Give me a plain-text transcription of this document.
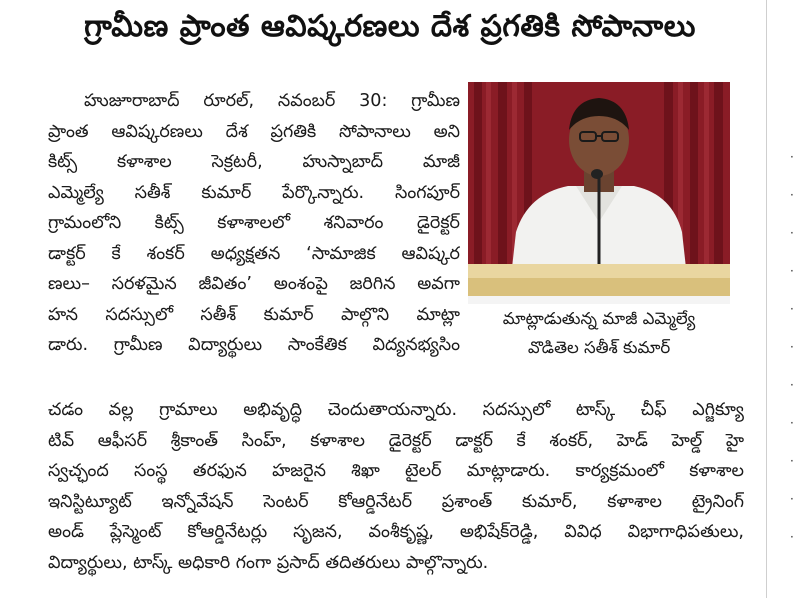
గ్రామీణ ప్రాంత ఆవిష్కరణలు దేశ ప్రగతికి సోపానాలు
హుజూరాబాద్‌ రూరల్‌, నవంబర్‌ 30: గ్రామీణ
ప్రాంత ఆవిష్కరణలు దేశ ప్రగతికి సోపానాలు అని
కిట్స్‌ కళాశాల సెక్రటరీ, హుస్నాబాద్‌ మాజీ
ఎమ్మెల్యే సతీశ్‌ కుమార్‌ పేర్కొన్నారు. సింగపూర్‌
గ్రామంలోని కిట్స్‌ కళాశాలలో శనివారం డైరెక్టర్‌
డాక్టర్‌ కే శంకర్‌ అధ్యక్షతన ‘సామాజిక ఆవిష్కర
ణలు– సరళమైన జీవితం’ అంశంపై జరిగిన అవగా
హన సదస్సులో సతీశ్‌ కుమార్‌ పాల్గొని మాట్లా
డారు. గ్రామీణ విద్యార్థులు సాంకేతిక విద్యనభ్యసిం
మాట్లాడుతున్న మాజీ ఎమ్మెల్యే
వొడితెల సతీశ్‌ కుమార్‌
చడం వల్ల గ్రామాలు అభివృద్ధి చెందుతాయన్నారు. సదస్సులో టాస్క్‌ చీఫ్‌ ఎగ్జిక్యూ
టివ్‌ ఆఫీసర్‌ శ్రీకాంత్‌ సింహ్‌, కళాశాల డైరెక్టర్‌ డాక్టర్‌ కే శంకర్‌, హెడ్‌ హెల్డ్‌ హై
స్వచ్ఛంద సంస్థ తరఫున హజరైన శిఖా టైలర్‌ మాట్లాడారు. కార్యక్రమంలో కళాశాల
ఇనిస్టిట్యూట్‌ ఇన్నోవేషన్‌ సెంటర్‌ కోఆర్డినేటర్‌ ప్రశాంత్‌ కుమార్‌, కళాశాల ట్రైనింగ్‌
అండ్‌ ప్లేస్మెంట్‌ కోఆర్డినేటర్లు సృజన, వంశీకృష్ణ, అభిషేక్‌రెడ్డి, వివిధ విభాగాధిపతులు,
విద్యార్థులు, టాస్క్‌ అధికారి గంగా ప్రసాద్‌ తదితరులు పాల్గొన్నారు.
·
·
·
·
·
·
·
·
·
·
·
